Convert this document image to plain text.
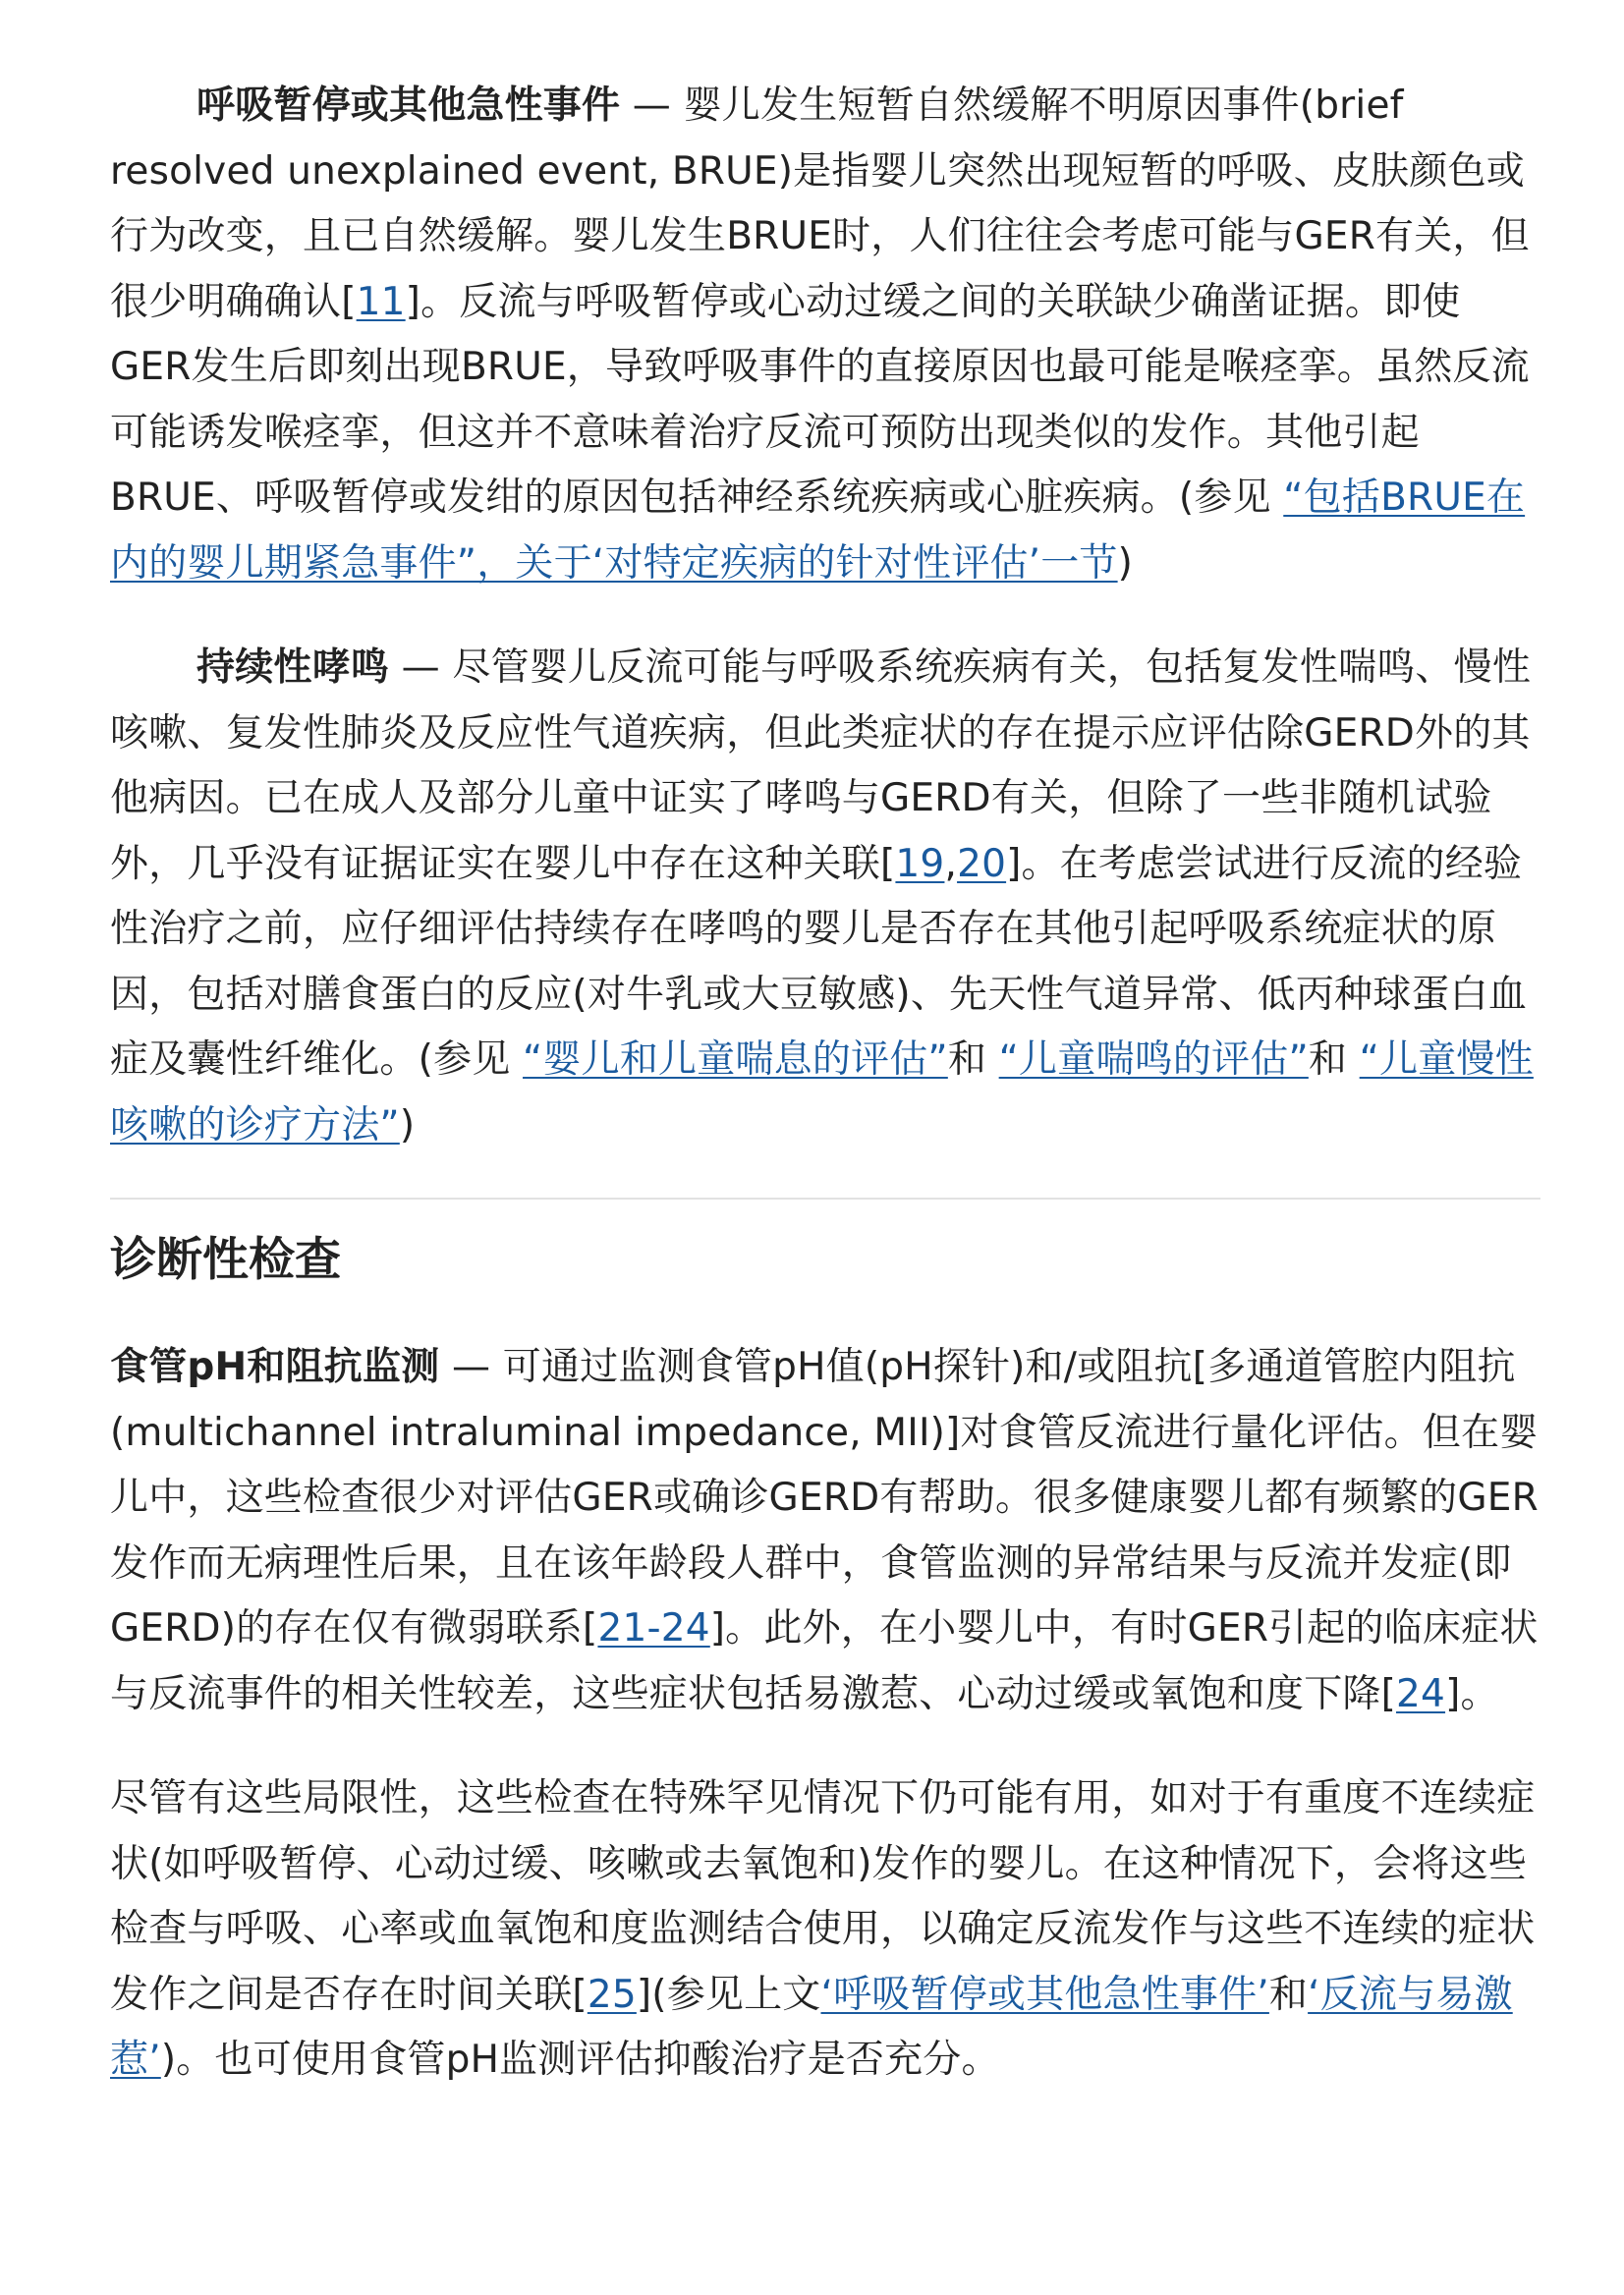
呼吸暂停或其他急性事件 — 婴儿发生短暂自然缓解不明原因事件(brief resolved unexplained event, BRUE)是指婴儿突然出现短暂的呼吸、皮肤颜色或行为改变，且已自然缓解。婴儿发生BRUE时，人们往往会考虑可能与GER有关，但很少明确确认[11]。反流与呼吸暂停或心动过缓之间的关联缺少确凿证据。即使GER发生后即刻出现BRUE，导致呼吸事件的直接原因也最可能是喉痉挛。虽然反流可能诱发喉痉挛，但这并不意味着治疗反流可预防出现类似的发作。其他引起BRUE、呼吸暂停或发绀的原因包括神经系统疾病或心脏疾病。(参见 “包括BRUE在内的婴儿期紧急事件”，关于‘对特定疾病的针对性评估’一节)

持续性哮鸣 — 尽管婴儿反流可能与呼吸系统疾病有关，包括复发性喘鸣、慢性咳嗽、复发性肺炎及反应性气道疾病，但此类症状的存在提示应评估除GERD外的其他病因。已在成人及部分儿童中证实了哮鸣与GERD有关，但除了一些非随机试验外，几乎没有证据证实在婴儿中存在这种关联[19,20]。在考虑尝试进行反流的经验性治疗之前，应仔细评估持续存在哮鸣的婴儿是否存在其他引起呼吸系统症状的原因，包括对膳食蛋白的反应(对牛乳或大豆敏感)、先天性气道异常、低丙种球蛋白血症及囊性纤维化。(参见 “婴儿和儿童喘息的评估”和 “儿童喘鸣的评估”和 “儿童慢性咳嗽的诊疗方法”)

诊断性检查

食管pH和阻抗监测 — 可通过监测食管pH值(pH探针)和/或阻抗[多通道管腔内阻抗(multichannel intraluminal impedance, MII)]对食管反流进行量化评估。但在婴儿中，这些检查很少对评估GER或确诊GERD有帮助。很多健康婴儿都有频繁的GER发作而无病理性后果，且在该年龄段人群中，食管监测的异常结果与反流并发症(即GERD)的存在仅有微弱联系[21-24]。此外，在小婴儿中，有时GER引起的临床症状与反流事件的相关性较差，这些症状包括易激惹、心动过缓或氧饱和度下降[24]。

尽管有这些局限性，这些检查在特殊罕见情况下仍可能有用，如对于有重度不连续症状(如呼吸暂停、心动过缓、咳嗽或去氧饱和)发作的婴儿。在这种情况下，会将这些检查与呼吸、心率或血氧饱和度监测结合使用，以确定反流发作与这些不连续的症状发作之间是否存在时间关联[25](参见上文‘呼吸暂停或其他急性事件’和‘反流与易激惹’)。也可使用食管pH监测评估抑酸治疗是否充分。
